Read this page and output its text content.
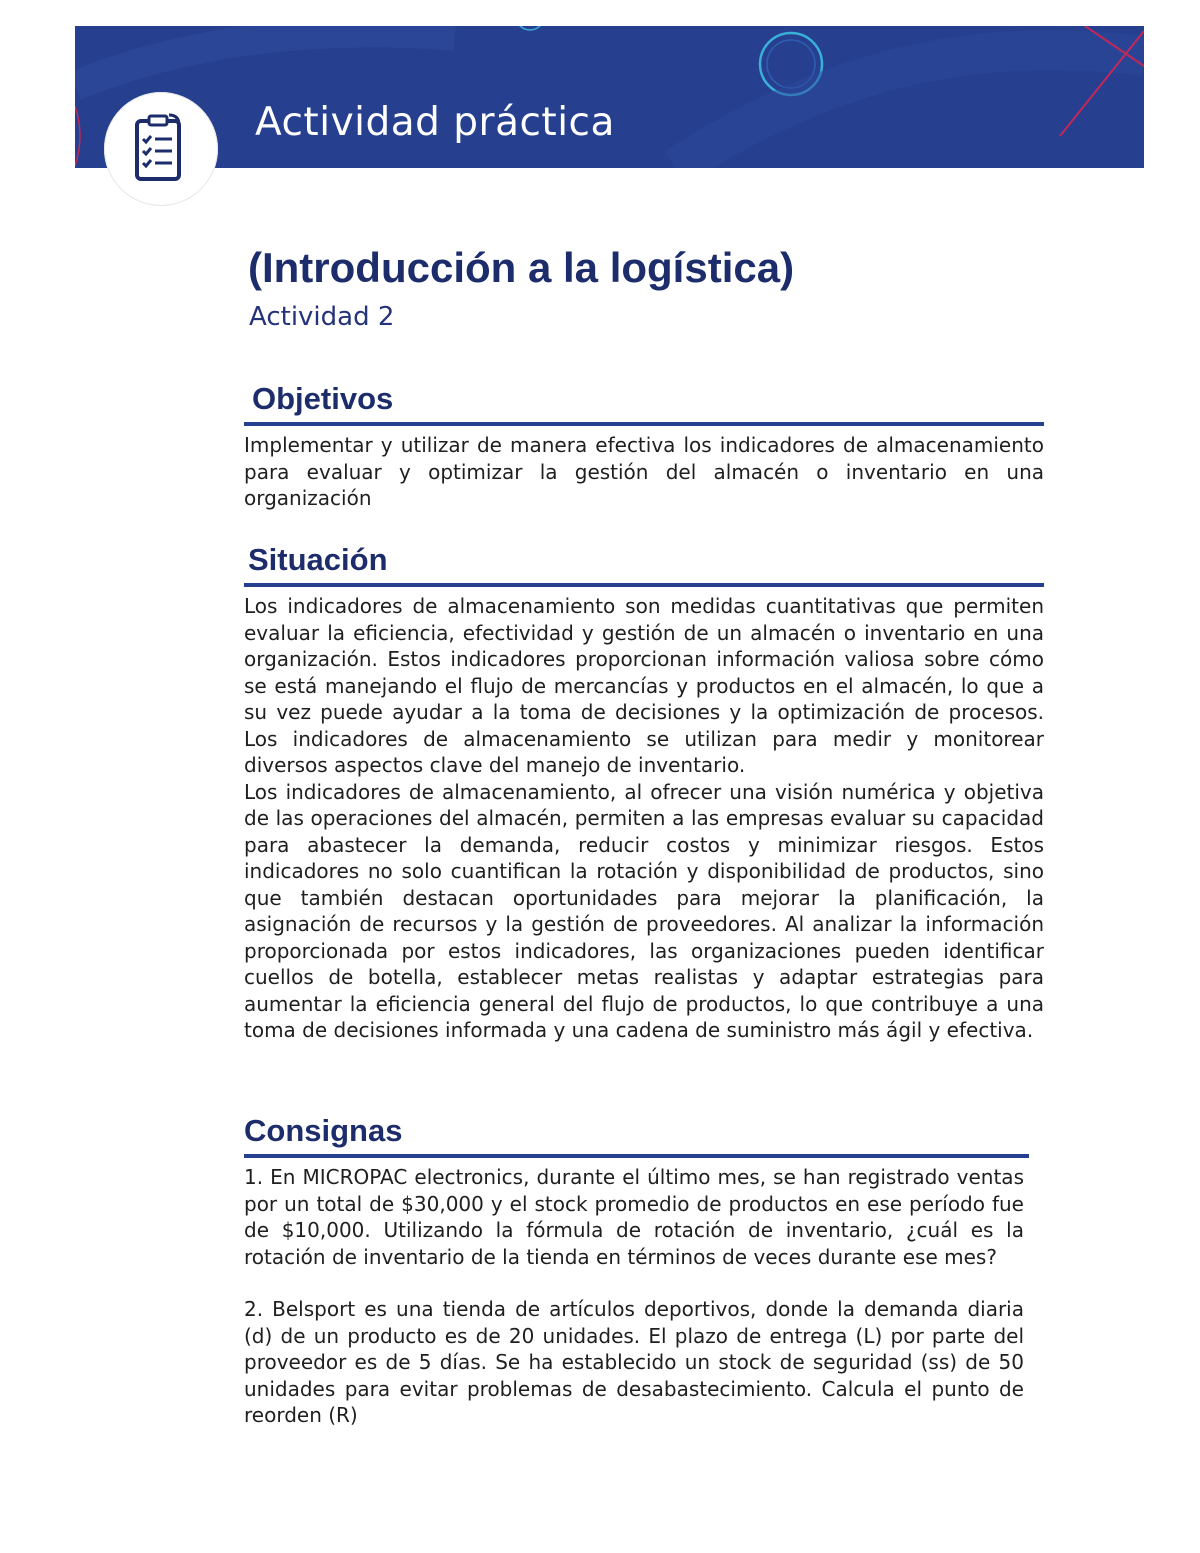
Actividad práctica
(Introducción a la logística)

Actividad 2

Objetivos

Implementar y utilizar de manera efectiva los indicadores de almacenamiento para evaluar y optimizar la gestión del almacén o inventario en una organización

Situación

Los indicadores de almacenamiento son medidas cuantitativas que permiten evaluar la eficiencia, efectividad y gestión de un almacén o inventario en una organización. Estos indicadores proporcionan información valiosa sobre cómo se está manejando el flujo de mercancías y productos en el almacén, lo que a su vez puede ayudar a la toma de decisiones y la optimización de procesos. Los indicadores de almacenamiento se utilizan para medir y monitorear diversos aspectos clave del manejo de inventario.

Los indicadores de almacenamiento, al ofrecer una visión numérica y objetiva de las operaciones del almacén, permiten a las empresas evaluar su capacidad para abastecer la demanda, reducir costos y minimizar riesgos. Estos indicadores no solo cuantifican la rotación y disponibilidad de productos, sino que también destacan oportunidades para mejorar la planificación, la asignación de recursos y la gestión de proveedores. Al analizar la información proporcionada por estos indicadores, las organizaciones pueden identificar cuellos de botella, establecer metas realistas y adaptar estrategias para aumentar la eficiencia general del flujo de productos, lo que contribuye a una toma de decisiones informada y una cadena de suministro más ágil y efectiva.

Consignas

1. En MICROPAC electronics, durante el último mes, se han registrado ventas por un total de $30,000 y el stock promedio de productos en ese período fue de $10,000. Utilizando la fórmula de rotación de inventario, ¿cuál es la rotación de inventario de la tienda en términos de veces durante ese mes?

2. Belsport es una tienda de artículos deportivos, donde la demanda diaria (d) de un producto es de 20 unidades. El plazo de entrega (L) por parte del proveedor es de 5 días. Se ha establecido un stock de seguridad (ss) de 50 unidades para evitar problemas de desabastecimiento. Calcula el punto de reorden (R)
